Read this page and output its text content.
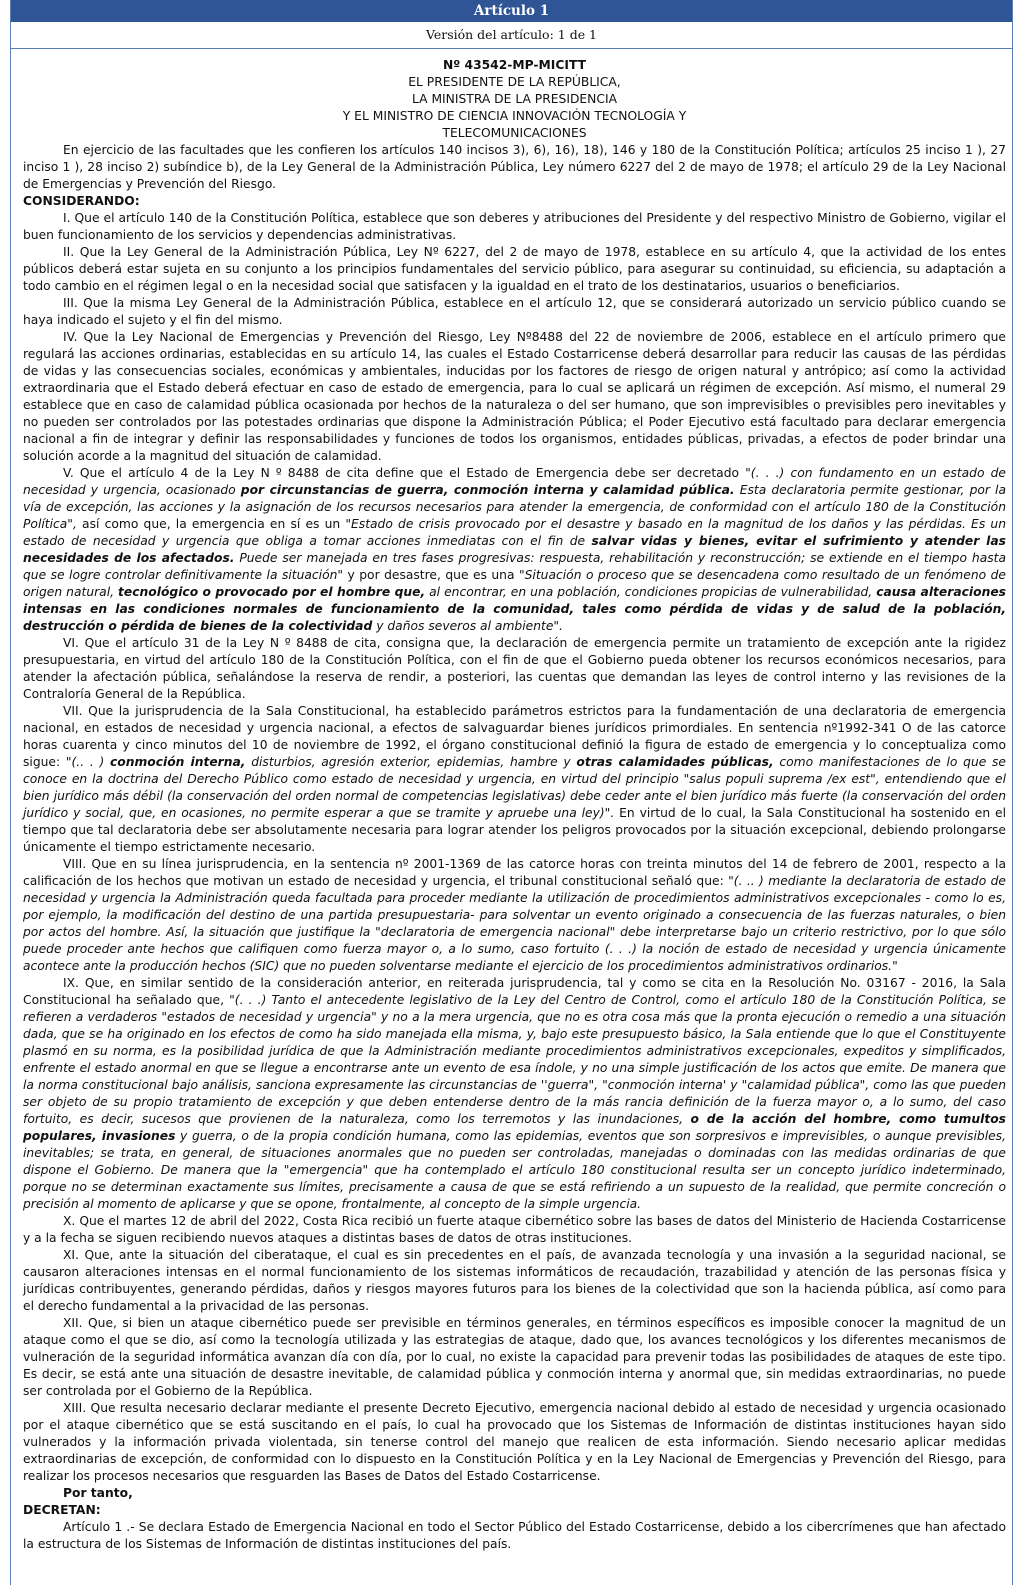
Artículo 1
Versión del artículo: 1 de 1
Nº 43542-MP-MICITT
EL PRESIDENTE DE LA REPÚBLICA,
LA MINISTRA DE LA PRESIDENCIA
Y EL MINISTRO DE CIENCIA INNOVACIÓN TECNOLOGÍA Y
TELECOMUNICACIONES

En ejercicio de las facultades que les confieren los artículos 140 incisos 3), 6), 16), 18), 146 y 180 de la Constitución Política; artículos 25 inciso 1 ), 27 inciso 1 ), 28 inciso 2) subíndice b), de la Ley General de la Administración Pública, Ley número 6227 del 2 de mayo de 1978; el artículo 29 de la Ley Nacional de Emergencias y Prevención del Riesgo.

CONSIDERANDO:

I. Que el artículo 140 de la Constitución Política, establece que son deberes y atribuciones del Presidente y del respectivo Ministro de Gobierno, vigilar el buen funcionamiento de los servicios y dependencias administrativas.

II. Que la Ley General de la Administración Pública, Ley Nº 6227, del 2 de mayo de 1978, establece en su artículo 4, que la actividad de los entes públicos deberá estar sujeta en su conjunto a los principios fundamentales del servicio público, para asegurar su continuidad, su eficiencia, su adaptación a todo cambio en el régimen legal o en la necesidad social que satisfacen y la igualdad en el trato de los destinatarios, usuarios o beneficiarios.

III. Que la misma Ley General de la Administración Pública, establece en el artículo 12, que se considerará autorizado un servicio público cuando se haya indicado el sujeto y el fin del mismo.

IV. Que la Ley Nacional de Emergencias y Prevención del Riesgo, Ley Nº8488 del 22 de noviembre de 2006, establece en el artículo primero que regulará las acciones ordinarias, establecidas en su artículo 14, las cuales el Estado Costarricense deberá desarrollar para reducir las causas de las pérdidas de vidas y las consecuencias sociales, económicas y ambientales, inducidas por los factores de riesgo de origen natural y antrópico; así como la actividad extraordinaria que el Estado deberá efectuar en caso de estado de emergencia, para lo cual se aplicará un régimen de excepción. Así mismo, el numeral 29 establece que en caso de calamidad pública ocasionada por hechos de la naturaleza o del ser humano, que son imprevisibles o previsibles pero inevitables y no pueden ser controlados por las potestades ordinarias que dispone la Administración Pública; el Poder Ejecutivo está facultado para declarar emergencia nacional a fin de integrar y definir las responsabilidades y funciones de todos los organismos, entidades públicas, privadas, a efectos de poder brindar una solución acorde a la magnitud del situación de calamidad.

V. Que el artículo 4 de la Ley N º 8488 de cita define que el Estado de Emergencia debe ser decretado "(. . .) con fundamento en un estado de necesidad y urgencia, ocasionado por circunstancias de guerra, conmoción interna y calamidad pública. Esta declaratoria permite gestionar, por la vía de excepción, las acciones y la asignación de los recursos necesarios para atender la emergencia, de conformidad con el artículo 180 de la Constitución Política", así como que, la emergencia en sí es un "Estado de crisis provocado por el desastre y basado en la magnitud de los daños y las pérdidas. Es un estado de necesidad y urgencia que obliga a tomar acciones inmediatas con el fin de salvar vidas y bienes, evitar el sufrimiento y atender las necesidades de los afectados. Puede ser manejada en tres fases progresivas: respuesta, rehabilitación y reconstrucción; se extiende en el tiempo hasta que se logre controlar definitivamente la situación" y por desastre, que es una "Situación o proceso que se desencadena como resultado de un fenómeno de origen natural, tecnológico o provocado por el hombre que, al encontrar, en una población, condiciones propicias de vulnerabilidad, causa alteraciones intensas en las condiciones normales de funcionamiento de la comunidad, tales como pérdida de vidas y de salud de la población, destrucción o pérdida de bienes de la colectividad y daños severos al ambiente".

VI. Que el artículo 31 de la Ley N º 8488 de cita, consigna que, la declaración de emergencia permite un tratamiento de excepción ante la rigidez presupuestaria, en virtud del artículo 180 de la Constitución Política, con el fin de que el Gobierno pueda obtener los recursos económicos necesarios, para atender la afectación pública, señalándose la reserva de rendir, a posteriori, las cuentas que demandan las leyes de control interno y las revisiones de la Contraloría General de la República.

VII. Que la jurisprudencia de la Sala Constitucional, ha establecido parámetros estrictos para la fundamentación de una declaratoria de emergencia nacional, en estados de necesidad y urgencia nacional, a efectos de salvaguardar bienes jurídicos primordiales. En sentencia nº1992-341 O de las catorce horas cuarenta y cinco minutos del 10 de noviembre de 1992, el órgano constitucional definió la figura de estado de emergencia y lo conceptualiza como sigue: "(.. . ) conmoción interna, disturbios, agresión exterior, epidemias, hambre y otras calamidades públicas, como manifestaciones de lo que se conoce en la doctrina del Derecho Público como estado de necesidad y urgencia, en virtud del principio "salus populi suprema /ex est", entendiendo que el bien jurídico más débil (la conservación del orden normal de competencias legislativas) debe ceder ante el bien jurídico más fuerte (la conservación del orden jurídico y social, que, en ocasiones, no permite esperar a que se tramite y apruebe una ley)". En virtud de lo cual, la Sala Constitucional ha sostenido en el tiempo que tal declaratoria debe ser absolutamente necesaria para lograr atender los peligros provocados por la situación excepcional, debiendo prolongarse únicamente el tiempo estrictamente necesario.

VIII. Que en su línea jurisprudencia, en la sentencia nº 2001-1369 de las catorce horas con treinta minutos del 14 de febrero de 2001, respecto a la calificación de los hechos que motivan un estado de necesidad y urgencia, el tribunal constitucional señaló que: "(. .. ) mediante la declaratoria de estado de necesidad y urgencia la Administración queda facultada para proceder mediante la utilización de procedimientos administrativos excepcionales - como lo es, por ejemplo, la modificación del destino de una partida presupuestaria- para solventar un evento originado a consecuencia de las fuerzas naturales, o bien por actos del hombre. Así, la situación que justifique la "declaratoria de emergencia nacional" debe interpretarse bajo un criterio restrictivo, por lo que sólo puede proceder ante hechos que califiquen como fuerza mayor o, a lo sumo, caso fortuito (. . .) la noción de estado de necesidad y urgencia únicamente acontece ante la producción hechos (SIC) que no pueden solventarse mediante el ejercicio de los procedimientos administrativos ordinarios."

IX. Que, en similar sentido de la consideración anterior, en reiterada jurisprudencia, tal y como se cita en la Resolución No. 03167 - 2016, la Sala Constitucional ha señalado que, "(. . .) Tanto el antecedente legislativo de la Ley del Centro de Control, como el artículo 180 de la Constitución Política, se refieren a verdaderos "estados de necesidad y urgencia" y no a la mera urgencia, que no es otra cosa más que la pronta ejecución o remedio a una situación dada, que se ha originado en los efectos de como ha sido manejada ella misma, y, bajo este presupuesto básico, la Sala entiende que lo que el Constituyente plasmó en su norma, es la posibilidad jurídica de que la Administración mediante procedimientos administrativos excepcionales, expeditos y simplificados, enfrente el estado anormal en que se llegue a encontrarse ante un evento de esa índole, y no una simple justificación de los actos que emite. De manera que la norma constitucional bajo análisis, sanciona expresamente las circunstancias de ''guerra", "conmoción interna' y "calamidad pública", como las que pueden ser objeto de su propio tratamiento de excepción y que deben entenderse dentro de la más rancia definición de la fuerza mayor o, a lo sumo, del caso fortuito, es decir, sucesos que provienen de la naturaleza, como los terremotos y las inundaciones, o de la acción del hombre, como tumultos populares, invasiones y guerra, o de la propia condición humana, como las epidemias, eventos que son sorpresivos e imprevisibles, o aunque previsibles, inevitables; se trata, en general, de situaciones anormales que no pueden ser controladas, manejadas o dominadas con las medidas ordinarias de que dispone el Gobierno. De manera que la "emergencia" que ha contemplado el artículo 180 constitucional resulta ser un concepto jurídico indeterminado, porque no se determinan exactamente sus límites, precisamente a causa de que se está refiriendo a un supuesto de la realidad, que permite concreción o precisión al momento de aplicarse y que se opone, frontalmente, al concepto de la simple urgencia.

X. Que el martes 12 de abril del 2022, Costa Rica recibió un fuerte ataque cibernético sobre las bases de datos del Ministerio de Hacienda Costarricense y a la fecha se siguen recibiendo nuevos ataques a distintas bases de datos de otras instituciones.

XI. Que, ante la situación del ciberataque, el cual es sin precedentes en el país, de avanzada tecnología y una invasión a la seguridad nacional, se causaron alteraciones intensas en el normal funcionamiento de los sistemas informáticos de recaudación, trazabilidad y atención de las personas física y jurídicas contribuyentes, generando pérdidas, daños y riesgos mayores futuros para los bienes de la colectividad que son la hacienda pública, así como para el derecho fundamental a la privacidad de las personas.

XII. Que, si bien un ataque cibernético puede ser previsible en términos generales, en términos específicos es imposible conocer la magnitud de un ataque como el que se dio, así como la tecnología utilizada y las estrategias de ataque, dado que, los avances tecnológicos y los diferentes mecanismos de vulneración de la seguridad informática avanzan día con día, por lo cual, no existe la capacidad para prevenir todas las posibilidades de ataques de este tipo. Es decir, se está ante una situación de desastre inevitable, de calamidad pública y conmoción interna y anormal que, sin medidas extraordinarias, no puede ser controlada por el Gobierno de la República.

XIII. Que resulta necesario declarar mediante el presente Decreto Ejecutivo, emergencia nacional debido al estado de necesidad y urgencia ocasionado por el ataque cibernético que se está suscitando en el país, lo cual ha provocado que los Sistemas de Información de distintas instituciones hayan sido vulnerados y la información privada violentada, sin tenerse control del manejo que realicen de esta información. Siendo necesario aplicar medidas extraordinarias de excepción, de conformidad con lo dispuesto en la Constitución Política y en la Ley Nacional de Emergencias y Prevención del Riesgo, para realizar los procesos necesarios que resguarden las Bases de Datos del Estado Costarricense.

Por tanto,

DECRETAN:

Artículo 1 .- Se declara Estado de Emergencia Nacional en todo el Sector Público del Estado Costarricense, debido a los cibercrímenes que han afectado la estructura de los Sistemas de Información de distintas instituciones del país.
